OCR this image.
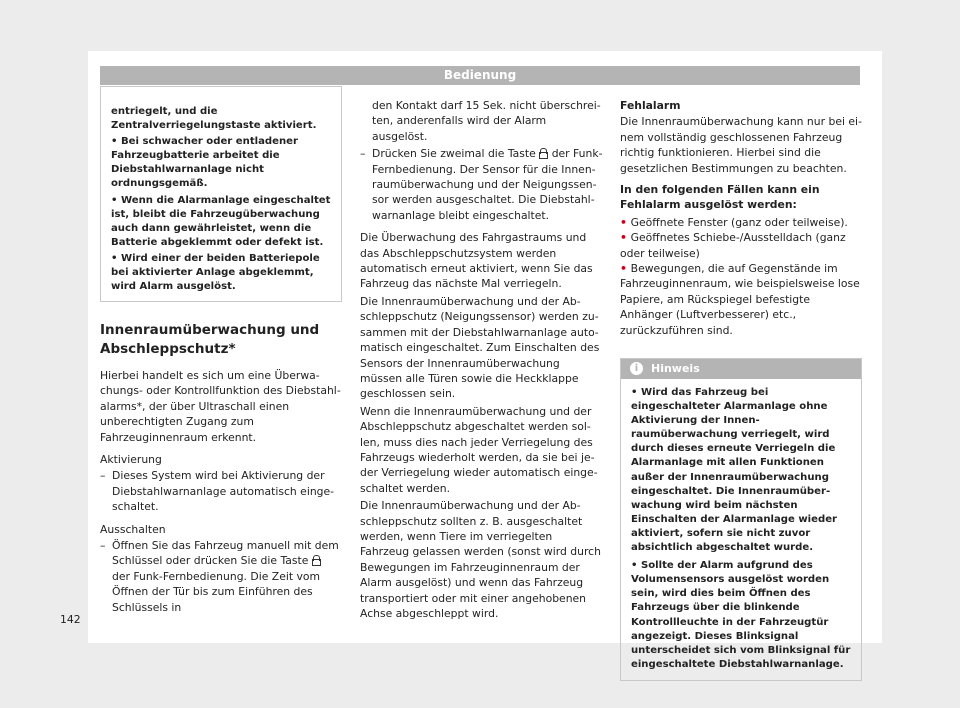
Bedienung
entriegelt, und die Zentralverriegelungstaste aktiviert.
• Bei schwacher oder entladener Fahrzeugbatterie arbeitet die Diebstahlwarnanlage nicht ordnungsgemäß.
• Wenn die Alarmanlage eingeschaltet ist, bleibt die Fahrzeugüberwachung auch dann gewährleistet, wenn die Batterie abgeklemmt oder defekt ist.
• Wird einer der beiden Batteriepole bei aktivierter Anlage abgeklemmt, wird Alarm ausgelöst.
Innenraumüberwachung und Abschleppschutz*

Hierbei handelt es sich um eine Überwachungs- oder Kontrollfunktion des Diebstahlalarms*, der über Ultraschall einen unberechtigten Zugang zum Fahrzeuginnenraum erkennt.

Aktivierung

– Dieses System wird bei Aktivierung der Diebstahlwarnanlage automatisch eingeschaltet.

Ausschalten

– Öffnen Sie das Fahrzeug manuell mit dem Schlüssel oder drücken Sie die Taste  der Funk-Fernbedienung. Die Zeit vom Öffnen der Tür bis zum Einführen des Schlüssels in

den Kontakt darf 15 Sek. nicht überschreiten, anderenfalls wird der Alarm ausgelöst.

– Drücken Sie zweimal die Taste der Funk-Fernbedienung. Der Sensor für die Innenraumüberwachung und der Neigungssensor werden ausgeschaltet. Die Diebstahlwarnanlage bleibt eingeschaltet.

Die Überwachung des Fahrgastraums und das Abschleppschutzsystem werden automatisch erneut aktiviert, wenn Sie das Fahrzeug das nächste Mal verriegeln.

Die Innenraumüberwachung und der Abschleppschutz (Neigungssensor) werden zusammen mit der Diebstahlwarnanlage automatisch eingeschaltet. Zum Einschalten des Sensors der Innenraumüberwachung müssen alle Türen sowie die Heckklappe geschlossen sein.

Wenn die Innenraumüberwachung und der Abschleppschutz abgeschaltet werden sollen, muss dies nach jeder Verriegelung des Fahrzeugs wiederholt werden, da sie bei jeder Verriegelung wieder automatisch eingeschaltet werden.

Die Innenraumüberwachung und der Abschleppschutz sollten z. B. ausgeschaltet werden, wenn Tiere im verriegelten Fahrzeug gelassen werden (sonst wird durch Bewegungen im Fahrzeuginnenraum der Alarm ausgelöst) und wenn das Fahrzeug transportiert oder mit einer angehobenen Achse abgeschleppt wird.

Fehlalarm

Die Innenraumüberwachung kann nur bei einem vollständig geschlossenen Fahrzeug richtig funktionieren. Hierbei sind die gesetzlichen Bestimmungen zu beachten.

In den folgenden Fällen kann ein Fehlalarm ausgelöst werden:

• Geöffnete Fenster (ganz oder teilweise).
• Geöffnetes Schiebe-/Ausstelldach (ganz oder teilweise)
• Bewegungen, die auf Gegenstände im Fahrzeuginnenraum, wie beispielsweise lose Papiere, am Rückspiegel befestigte Anhänger (Luftverbesserer) etc., zurückzuführen sind.
i	Hinweis

• Wird das Fahrzeug bei eingeschalteter Alarmanlage ohne Aktivierung der Innenraumüberwachung verriegelt, wird durch dieses erneute Verriegeln die Alarmanlage mit allen Funktionen außer der Innenraumüberwachung eingeschaltet. Die Innenraumüberwachung wird beim nächsten Einschalten der Alarmanlage wieder aktiviert, sofern sie nicht zuvor absichtlich abgeschaltet wurde.

• Sollte der Alarm aufgrund des Volumensensors ausgelöst worden sein, wird dies beim Öffnen des Fahrzeugs über die blinkende Kontrollleuchte in der Fahrzeugtür angezeigt. Dieses Blinksignal unterscheidet sich vom Blinksignal für eingeschaltete Diebstahlwarnanlage.

142
